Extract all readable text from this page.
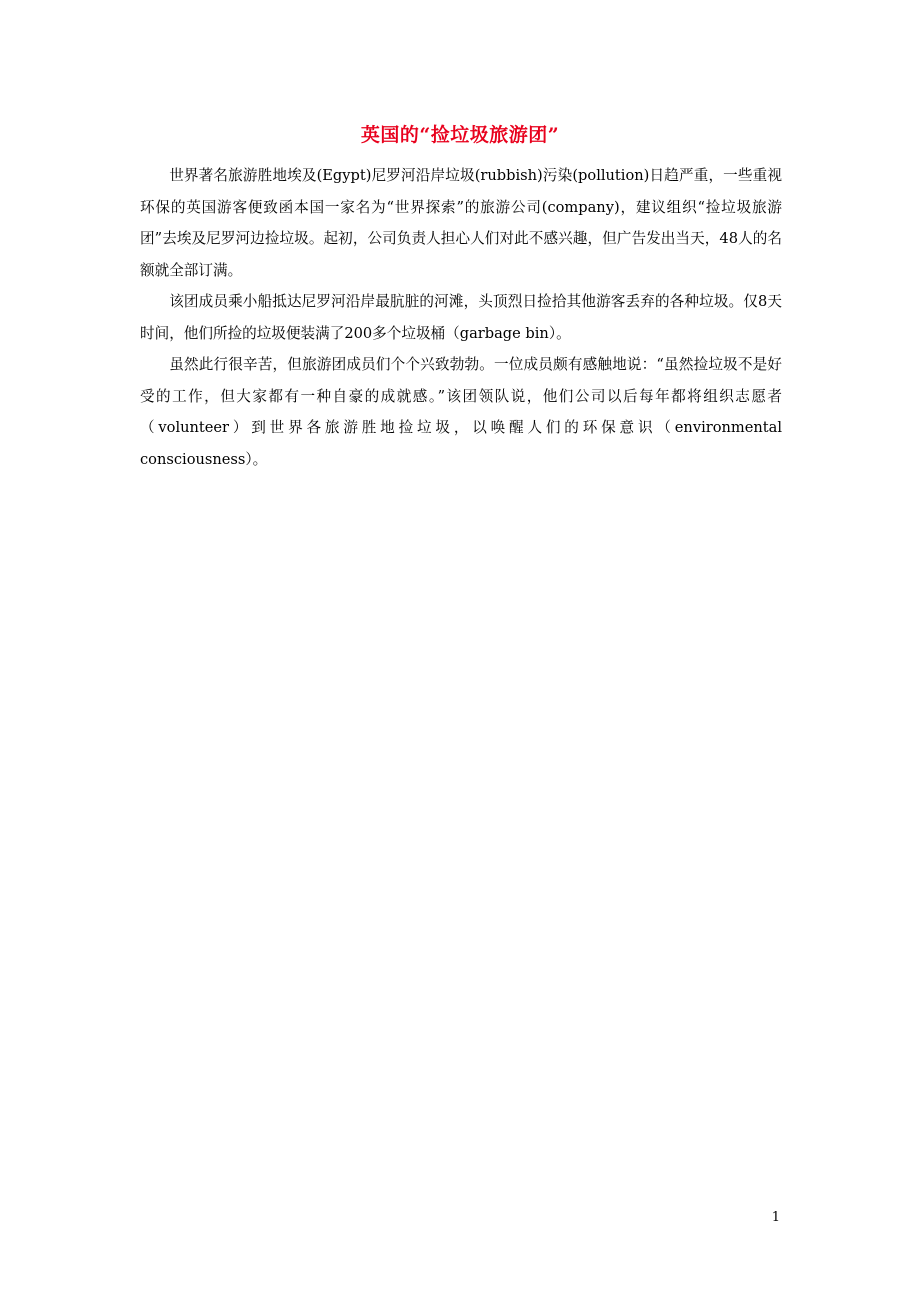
英国的“捡垃圾旅游团”

世界著名旅游胜地埃及(Egypt)尼罗河沿岸垃圾(rubbish)污染(pollution)日趋严重，一些重视环保的英国游客便致函本国一家名为“世界探索”的旅游公司(company)，建议组织“捡垃圾旅游团”去埃及尼罗河边捡垃圾。起初，公司负责人担心人们对此不感兴趣，但广告发出当天，48人的名额就全部订满。

该团成员乘小船抵达尼罗河沿岸最肮脏的河滩，头顶烈日捡拾其他游客丢弃的各种垃圾。仅8天时间，他们所捡的垃圾便装满了200多个垃圾桶（garbage bin）。

虽然此行很辛苦，但旅游团成员们个个兴致勃勃。一位成员颇有感触地说：“虽然捡垃圾不是好受的工作，但大家都有一种自豪的成就感。”该团领队说，他们公司以后每年都将组织志愿者（volunteer）到世界各旅游胜地捡垃圾，以唤醒人们的环保意识（environmental consciousness）。

1
